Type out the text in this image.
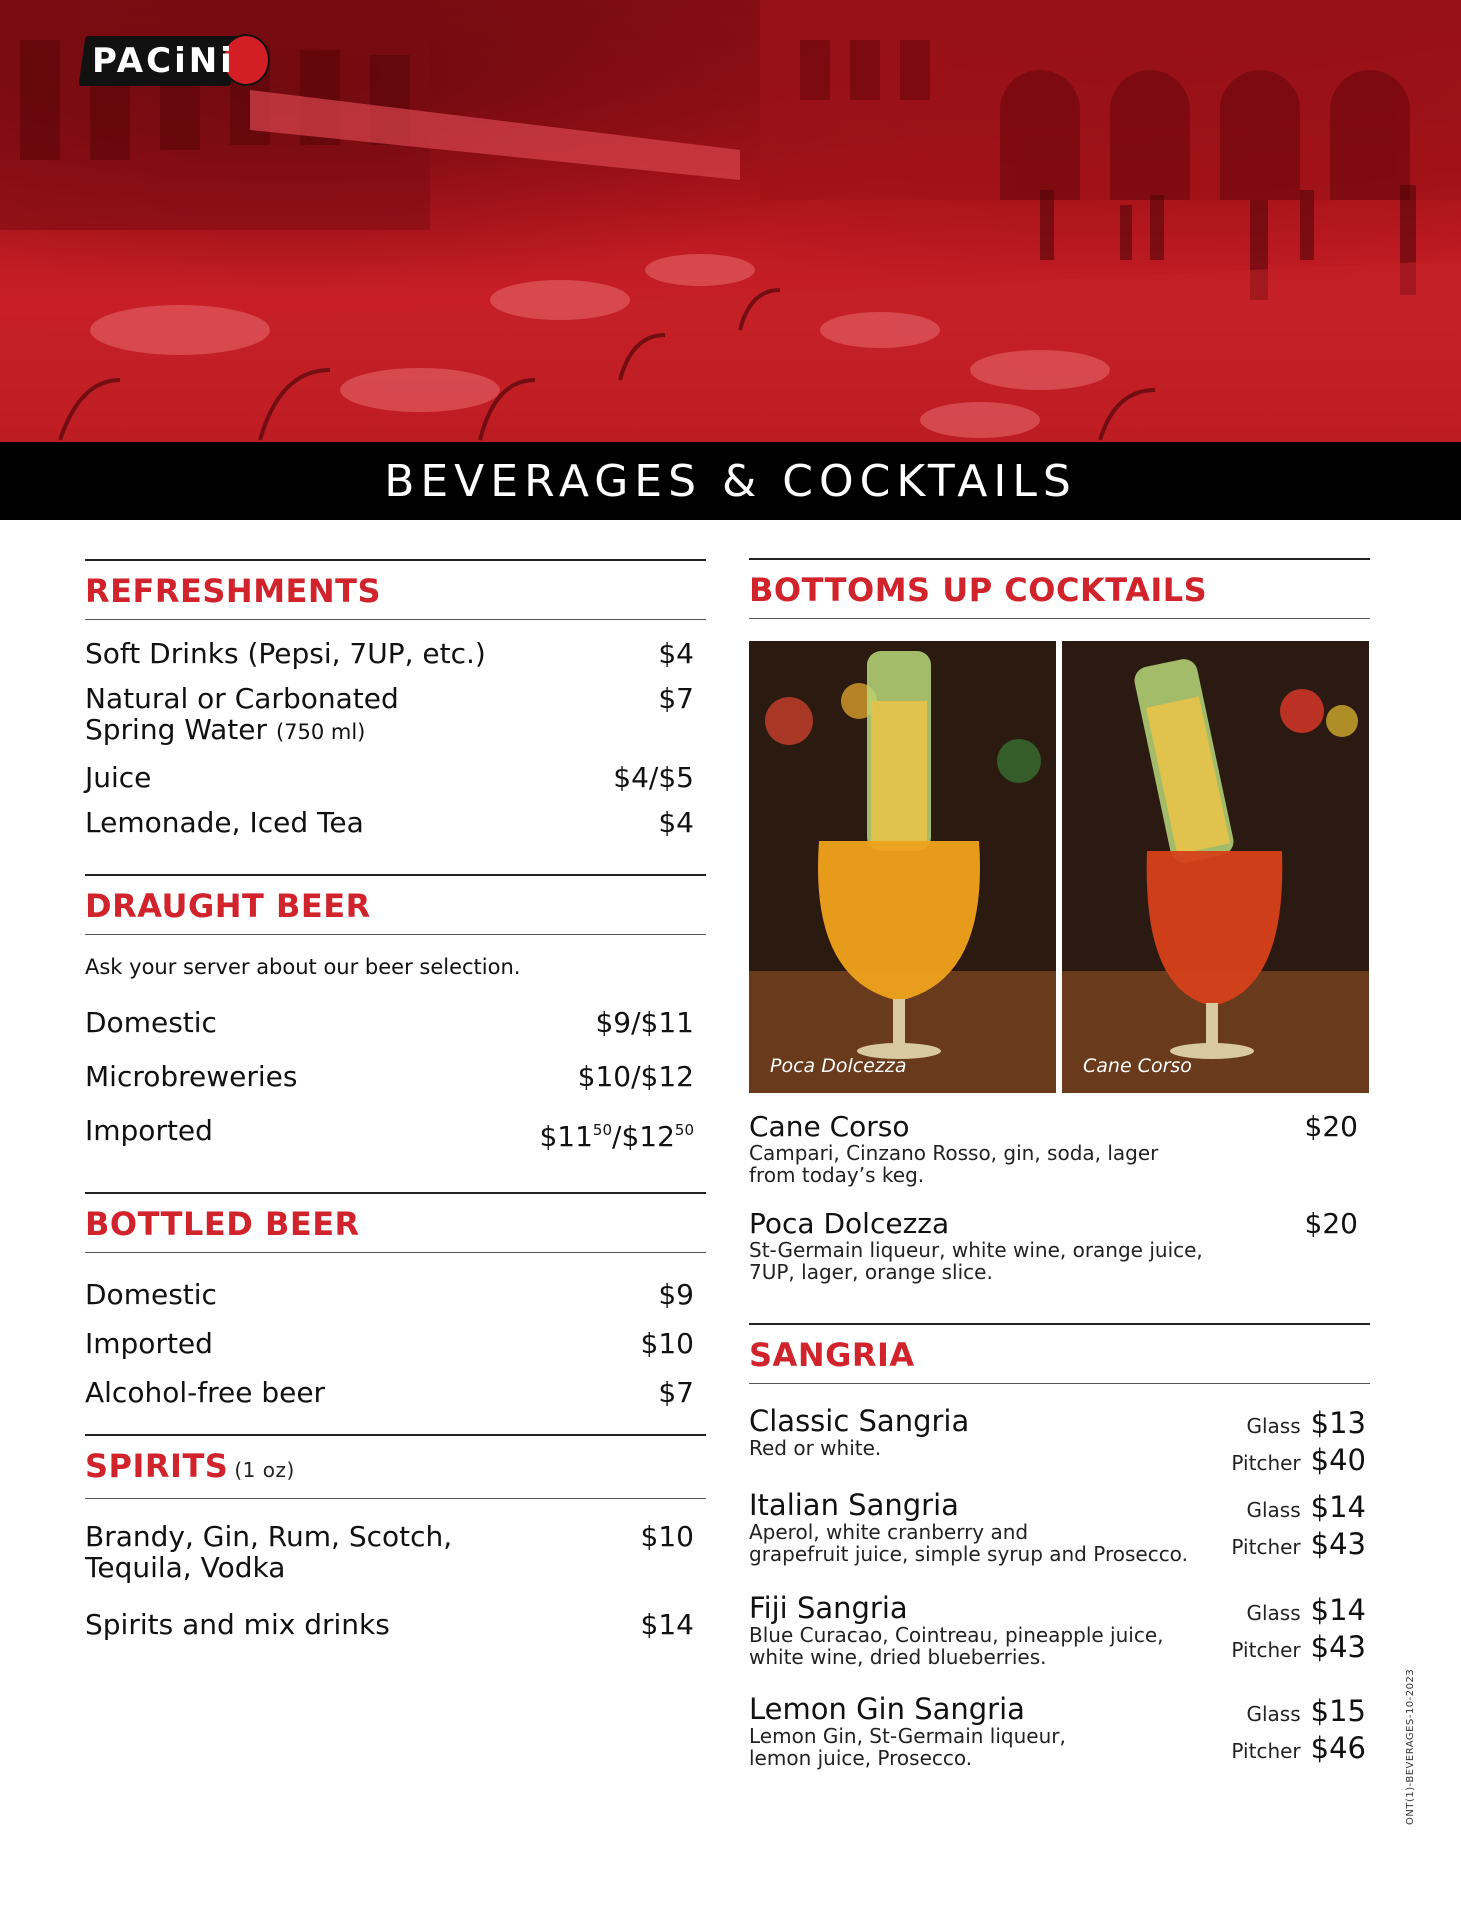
PACiNi
BEVERAGES & COCKTAILS
REFRESHMENTS
Soft Drinks (Pepsi, 7UP, etc.)	$4
Natural or Carbonated
Spring Water (750 ml)
$7
Juice	$4/$5
Lemonade, Iced Tea	$4
DRAUGHT BEER
Ask your server about our beer selection.
Domestic	$9/$11
Microbreweries	$10/$12
Imported	$\$11^{50}/\$12^{50}$
BOTTLED BEER
Domestic	$9
Imported	$10
Alcohol-free beer	$7
SPIRITS (1 oz)
Brandy, Gin, Rum, Scotch,
Tequila, Vodka
$10
Spirits and mix drinks	$14
BOTTOMS UP COCKTAILS
Poca Dolcezza	Cane Corso
Cane Corso	$20
Campari, Cinzano Rosso, gin, soda, lager
from today’s keg.
Poca Dolcezza	$20
St-Germain liqueur, white wine, orange juice,
7UP, lager, orange slice.
SANGRIA
Classic Sangria
Red or white.
Glass $13
Pitcher $40
Italian Sangria
Aperol, white cranberry and
grapefruit juice, simple syrup and Prosecco.
Glass $14
Pitcher $43
Fiji Sangria
Blue Curacao, Cointreau, pineapple juice,
white wine, dried blueberries.
Glass $14
Pitcher $43
Lemon Gin Sangria
Lemon Gin, St-Germain liqueur,
lemon juice, Prosecco.
Glass $15
Pitcher $46	ONT(1)-BEVERAGES-10-2023
